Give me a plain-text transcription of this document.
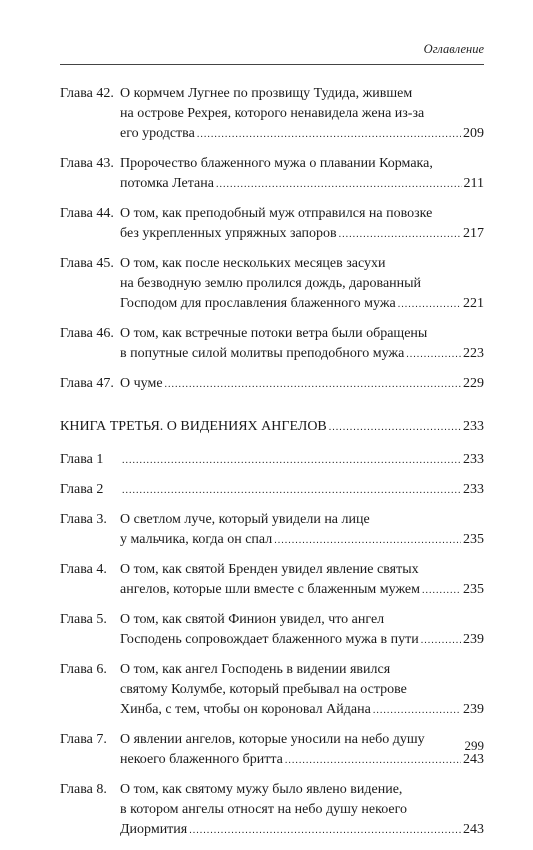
Оглавление
Глава 42. О кормчем Лугнее по прозвищу Тудида, жившем
на острове Рехрея, которого ненавидела жена из-за
его уродства .....	209
Глава 43. Пророчество блаженного мужа о плавании Кормака,
потомка Летана .....	211
Глава 44. О том, как преподобный муж отправился на повозке
без укрепленных упряжных запоров .....	217
Глава 45. О том, как после нескольких месяцев засухи
на безводную землю пролился дождь, дарованный
Господом для прославления блаженного мужа .....	221
Глава 46. О том, как встречные потоки ветра были обращены
в попутные силой молитвы преподобного мужа .....	223
Глава 47. О чуме .....	229
КНИГА ТРЕТЬЯ. О ВИДЕНИЯХ АНГЕЛОВ .....	233
Глава 1 .....	233
Глава 2 .....	233
Глава 3. О светлом луче, который увидели на лице
у мальчика, когда он спал .....	235
Глава 4. О том, как святой Бренден увидел явление святых
ангелов, которые шли вместе с блаженным мужем .....	235
Глава 5. О том, как святой Финион увидел, что ангел
Господень сопровождает блаженного мужа в пути .....	239
Глава 6. О том, как ангел Господень в видении явился
святому Колумбе, который пребывал на острове
Хинба, с тем, чтобы он короновал Айдана .....	239
Глава 7. О явлении ангелов, которые уносили на небо душу
некоего блаженного бритта .....	243
Глава 8. О том, как святому мужу было явлено видение,
в котором ангелы относят на небо душу некоего
Диормития .....	243
299
